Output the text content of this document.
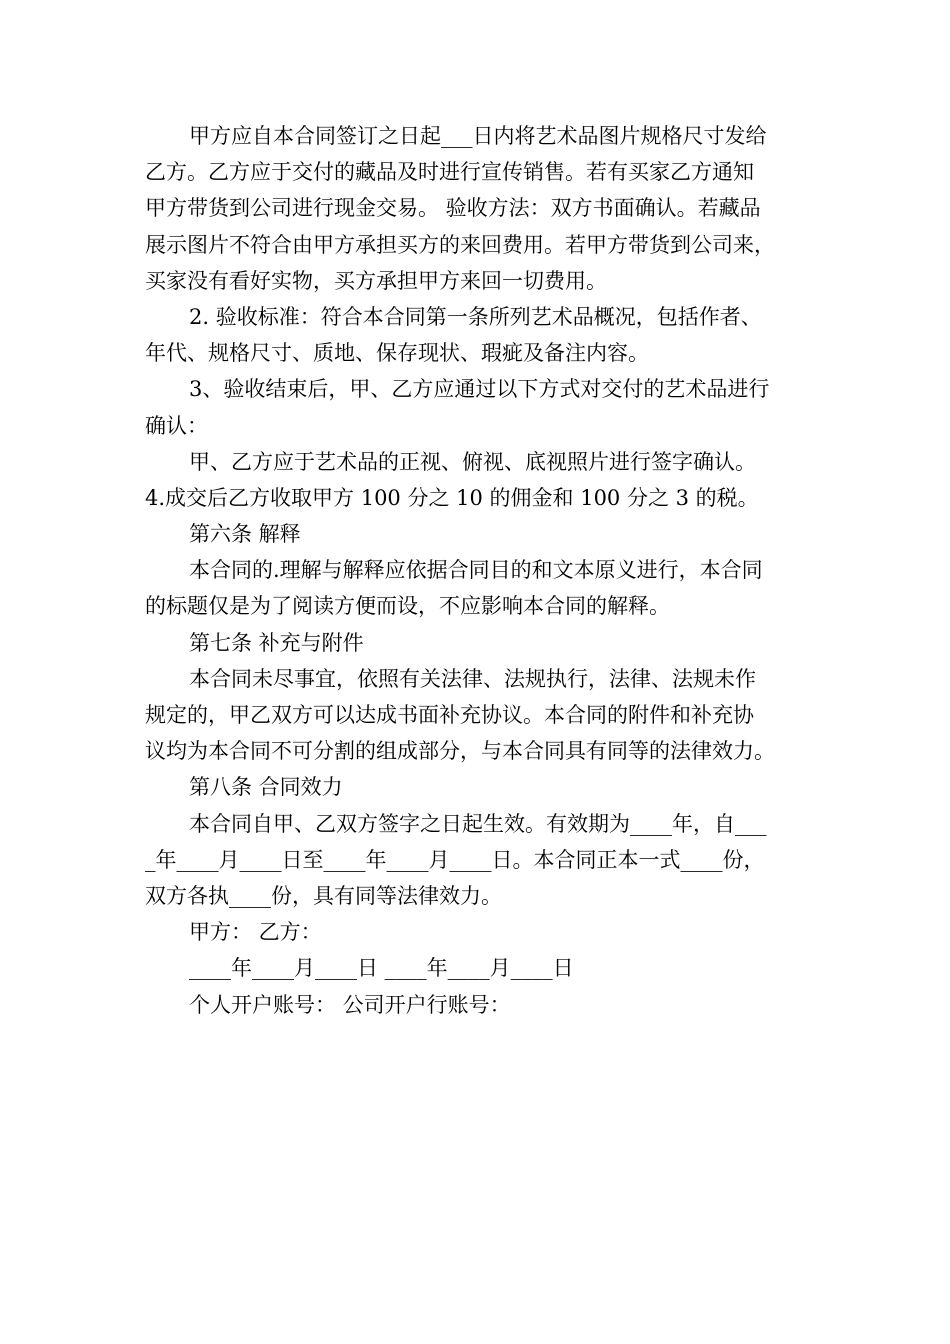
甲方应自本合同签订之日起___日内将艺术品图片规格尺寸发给
乙方。乙方应于交付的藏品及时进行宣传销售。若有买家乙方通知
甲方带货到公司进行现金交易。 验收方法：双方书面确认。若藏品
展示图片不符合由甲方承担买方的来回费用。若甲方带货到公司来，
买家没有看好实物，买方承担甲方来回一切费用。
2. 验收标准：符合本合同第一条所列艺术品概况，包括作者、
年代、规格尺寸、质地、保存现状、瑕疵及备注内容。
3、验收结束后，甲、乙方应通过以下方式对交付的艺术品进行
确认：
甲、乙方应于艺术品的正视、俯视、底视照片进行签字确认。
4.成交后乙方收取甲方 100 分之 10 的佣金和 100 分之 3 的税。
第六条 解释
本合同的.理解与解释应依据合同目的和文本原义进行，本合同
的标题仅是为了阅读方便而设，不应影响本合同的解释。
第七条 补充与附件
本合同未尽事宜，依照有关法律、法规执行，法律、法规未作
规定的，甲乙双方可以达成书面补充协议。本合同的附件和补充协
议均为本合同不可分割的组成部分，与本合同具有同等的法律效力。
第八条 合同效力
本合同自甲、乙双方签字之日起生效。有效期为____年，自___
_年____月____日至____年____月____日。本合同正本一式____份，
双方各执____份，具有同等法律效力。
甲方： 乙方：
____年____月____日 ____年____月____日
个人开户账号： 公司开户行账号：
